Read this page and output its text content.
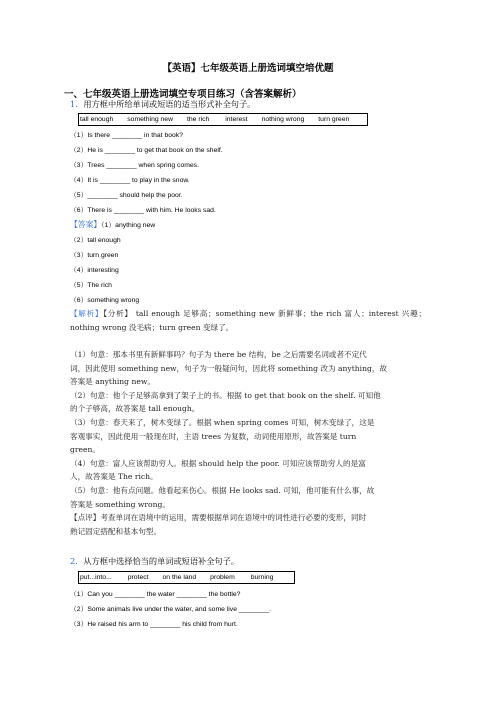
【英语】七年级英语上册选词填空培优题
一、七年级英语上册选词填空专项目练习（含答案解析）
1．用方框中所给单词或短语的适当形式补全句子。
tall enough something new the rich interest nothing wrong turn green
（1）Is there ________ in that book?
（2）He is ________ to get that book on the shelf.
（3）Trees ________ when spring comes.
（4）It is ________ to play in the snow.
（5）________ should help the poor.
（6）There is ________ with him. He looks sad.
【答案】（1）anything new
（2）tall enough
（3）turn green
（4）interesting
（5）The rich
（6）something wrong
【解析】【分析】 tall enough 足够高；something new 新鲜事；the rich 富人；interest 兴趣；nothing wrong 没毛病；turn green 变绿了。
（1）句意：那本书里有新鲜事吗？句子为 there be 结构，be 之后需要名词或者不定代
词，因此使用 something new，句子为一般疑问句，因此将 something 改为 anything，故
答案是 anything new。
（2）句意：他个子足够高拿到了架子上的书。根据 to get that book on the shelf. 可知他
的个子够高，故答案是 tall enough。
（3）句意：春天来了，树木变绿了。根据 when spring comes 可知，树木变绿了，这是
客观事实，因此使用一般现在时，主语 trees 为复数，动词使用原形，故答案是 turn
green。
（4）句意：富人应该帮助穷人。根据 should help the poor. 可知应该帮助穷人的是富
人，故答案是 The rich。
（5）句意：他有点问题。他看起来伤心。根据 He looks sad. 可知，他可能有什么事，故
答案是 something wrong。
【点评】考查单词在语境中的运用，需要根据单词在语境中的词性进行必要的变形，同时
熟记固定搭配和基本句型。
2．从方框中选择恰当的单词或短语补全句子。
put...into... protect on the land problem burning
（1）Can you ________ the water ________ the bottle?
（2）Some animals live under the water, and some live ________.
（3）He raised his arm to ________ his child from hurt.
